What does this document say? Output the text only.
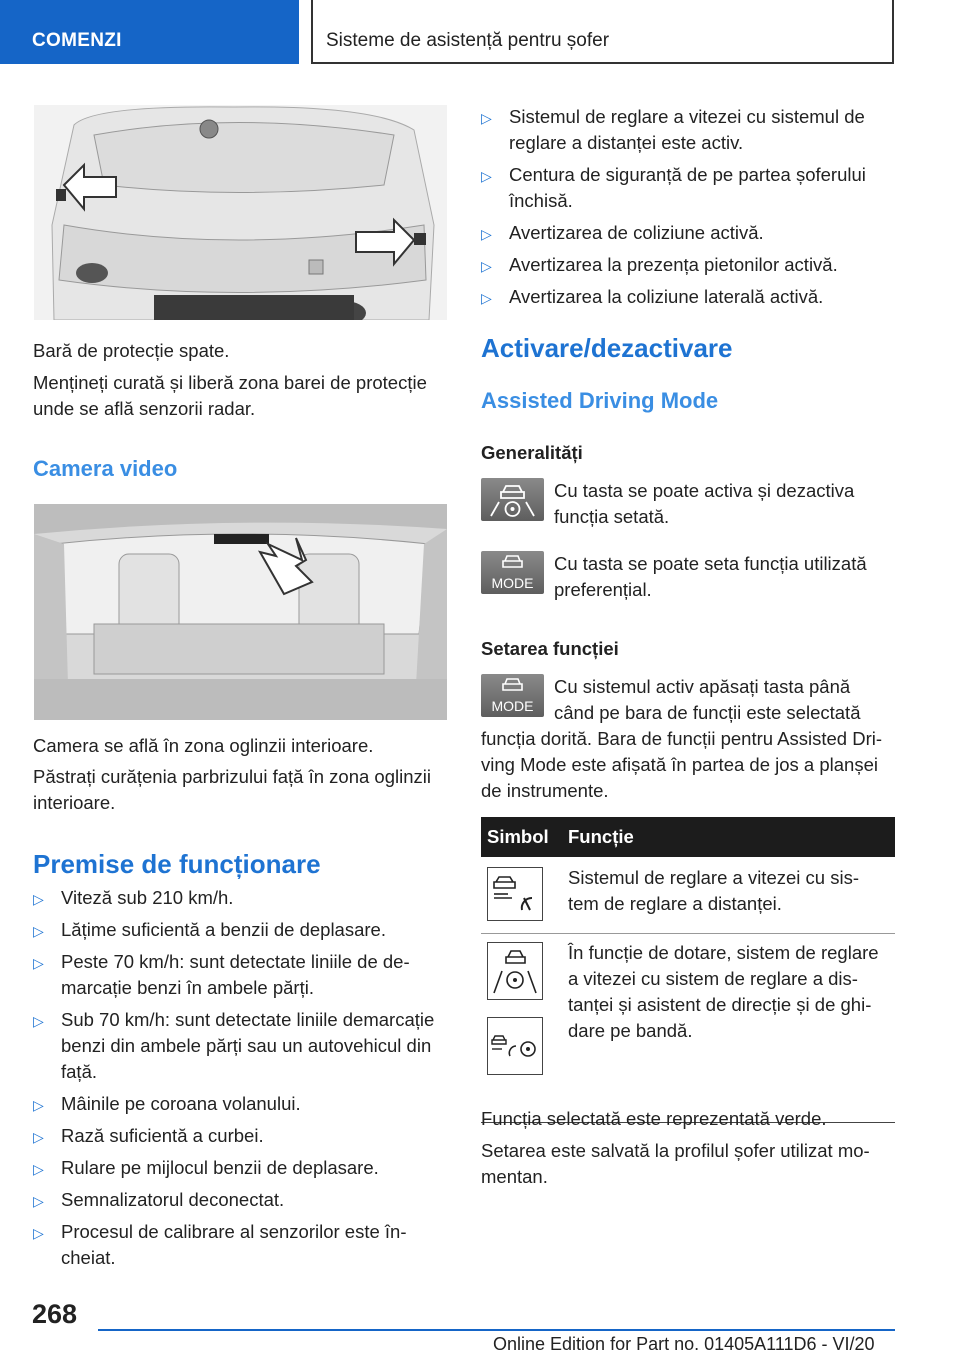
COMENZI	Sisteme de asistență pentru șofer
Bară de protecție spate.
Mențineți curată și liberă zona barei de protecție unde se află senzorii radar.
Camera video
Camera se află în zona oglinzii interioare.
Păstrați curățenia parbrizului față în zona oglinzii interioare.
Premise de funcționare
▷ Viteză sub 210 km/h.
▷ Lățime suficientă a benzii de deplasare.
▷ Peste 70 km/h: sunt detectate liniile de de-marcație benzi în ambele părți.
▷ Sub 70 km/h: sunt detectate liniile demarcație benzi din ambele părți sau un autovehicul din față.
▷ Mâinile pe coroana volanului.
▷ Rază suficientă a curbei.
▷ Rulare pe mijlocul benzii de deplasare.
▷ Semnalizatorul deconectat.
▷ Procesul de calibrare al senzorilor este în-cheiat.
▷ Sistemul de reglare a vitezei cu sistemul de reglare a distanței este activ.
▷ Centura de siguranță de pe partea șoferului închisă.
▷ Avertizarea de coliziune activă.
▷ Avertizarea la prezența pietonilor activă.
▷ Avertizarea la coliziune laterală activă.
Activare/dezactivare
Assisted Driving Mode
Generalități
Cu tasta se poate activa și dezactiva funcția setată.
MODE
Cu tasta se poate seta funcția utilizată preferențial.
Setarea funcției
MODE
Cu sistemul activ apăsați tasta până când pe bara de funcții este selectată
funcția dorită. Bara de funcții pentru Assisted Dri-ving Mode este afișată în partea de jos a planșei de instrumente.
Simbol Funcție
Sistemul de reglare a vitezei cu sis-tem de reglare a distanței.
În funcție de dotare, sistem de reglare a vitezei cu sistem de reglare a dis-tanței și asistent de direcție și de ghi-dare pe bandă.
Funcția selectată este reprezentată verde.
Setarea este salvată la profilul șofer utilizat mo-mentan.
268
Online Edition for Part no. 01405A111D6 - VI/20
